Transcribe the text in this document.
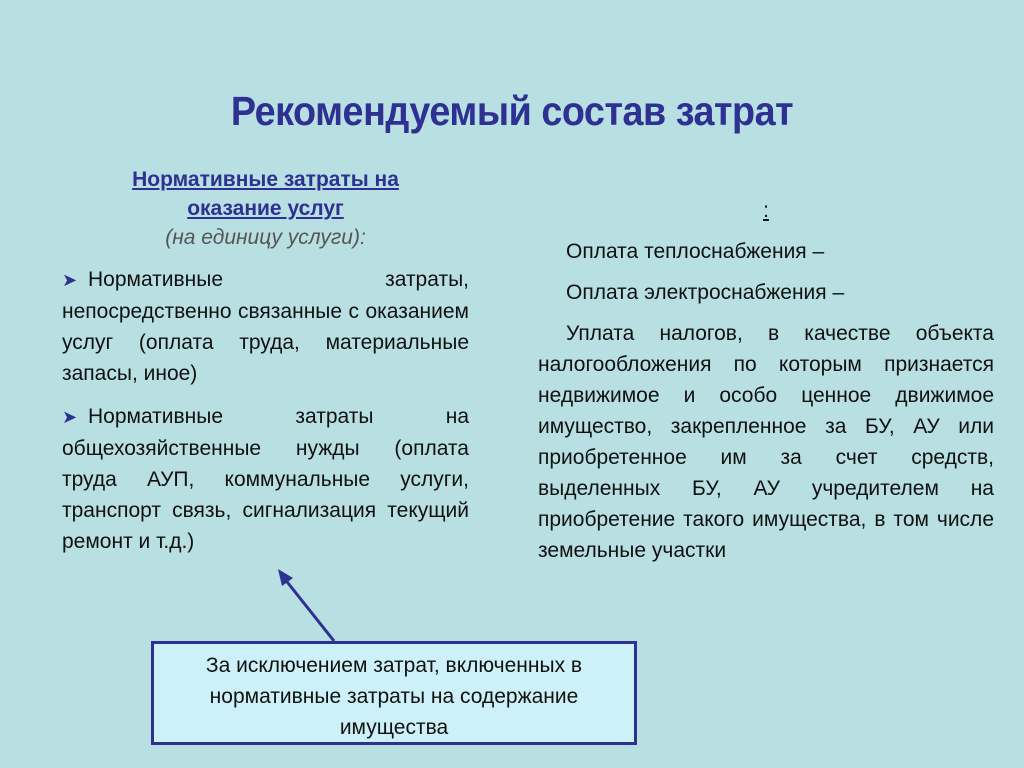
Рекомендуемый состав затрат
Нормативные затраты на
оказание услуг
(на единицу услуги):
➤ Нормативные затраты, непосредственно связанные с оказанием услуг (оплата труда, материальные запасы, иное)
➤ Нормативные затраты на общехозяйственные нужды (оплата труда АУП, коммунальные услуги, транспорт связь, сигнализация текущий ремонт и т.д.)
:
Оплата теплоснабжения –
Оплата электроснабжения –
Уплата налогов, в качестве объекта налогообложения по которым признается недвижимое и особо ценное движимое имущество, закрепленное за БУ, АУ или приобретенное им за счет средств, выделенных БУ, АУ учредителем на приобретение такого имущества, в том числе земельные участки
За исключением затрат, включенных в нормативные затраты на содержание имущества
